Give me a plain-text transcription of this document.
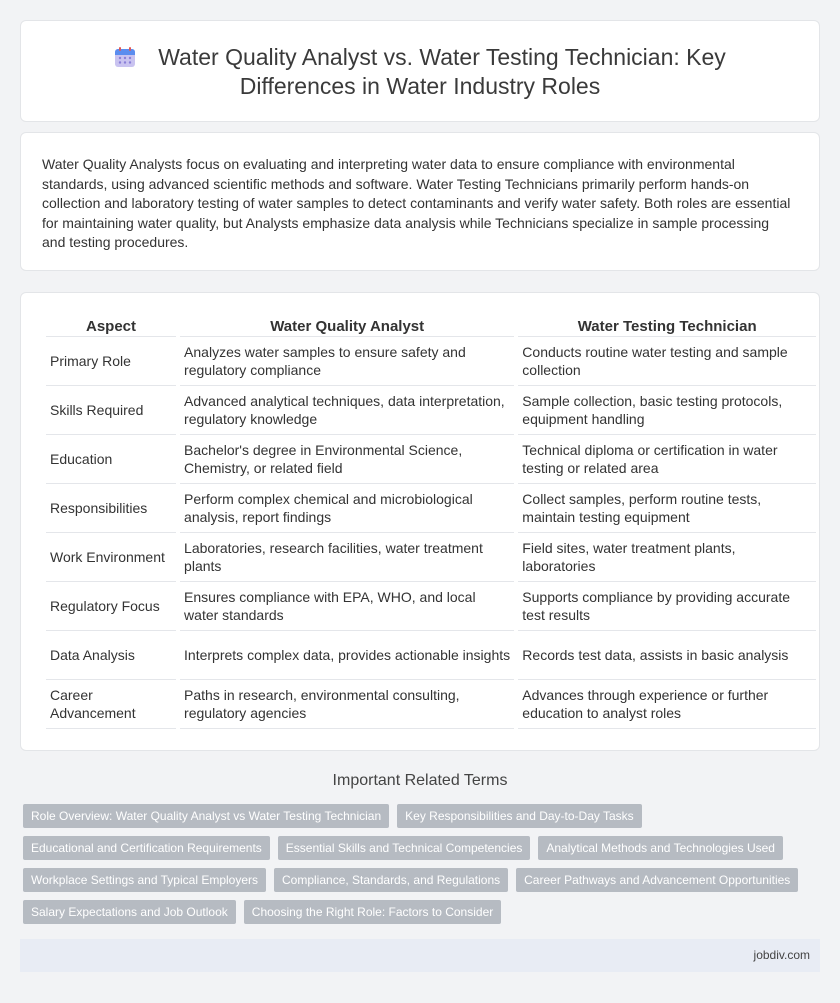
Water Quality Analyst vs. Water Testing Technician: Key Differences in Water Industry Roles

Water Quality Analysts focus on evaluating and interpreting water data to ensure compliance with environmental standards, using advanced scientific methods and software. Water Testing Technicians primarily perform hands-on collection and laboratory testing of water samples to detect contaminants and verify water safety. Both roles are essential for maintaining water quality, but Analysts emphasize data analysis while Technicians specialize in sample processing and testing procedures.

Aspect	Water Quality Analyst	Water Testing Technician
Primary Role	Analyzes water samples to ensure safety and regulatory compliance	Conducts routine water testing and sample collection
Skills Required	Advanced analytical techniques, data interpretation, regulatory knowledge	Sample collection, basic testing protocols, equipment handling
Education	Bachelor's degree in Environmental Science, Chemistry, or related field	Technical diploma or certification in water testing or related area
Responsibilities	Perform complex chemical and microbiological analysis, report findings	Collect samples, perform routine tests, maintain testing equipment
Work Environment	Laboratories, research facilities, water treatment plants	Field sites, water treatment plants, laboratories
Regulatory Focus	Ensures compliance with EPA, WHO, and local water standards	Supports compliance by providing accurate test results
Data Analysis	Interprets complex data, provides actionable insights	Records test data, assists in basic analysis
Career Advancement	Paths in research, environmental consulting, regulatory agencies	Advances through experience or further education to analyst roles
Important Related Terms
Role Overview: Water Quality Analyst vs Water Testing Technician	Key Responsibilities and Day-to-Day Tasks
Educational and Certification Requirements	Essential Skills and Technical Competencies	Analytical Methods and Technologies Used
Workplace Settings and Typical Employers	Compliance, Standards, and Regulations	Career Pathways and Advancement Opportunities
Salary Expectations and Job Outlook	Choosing the Right Role: Factors to Consider
jobdiv.com
